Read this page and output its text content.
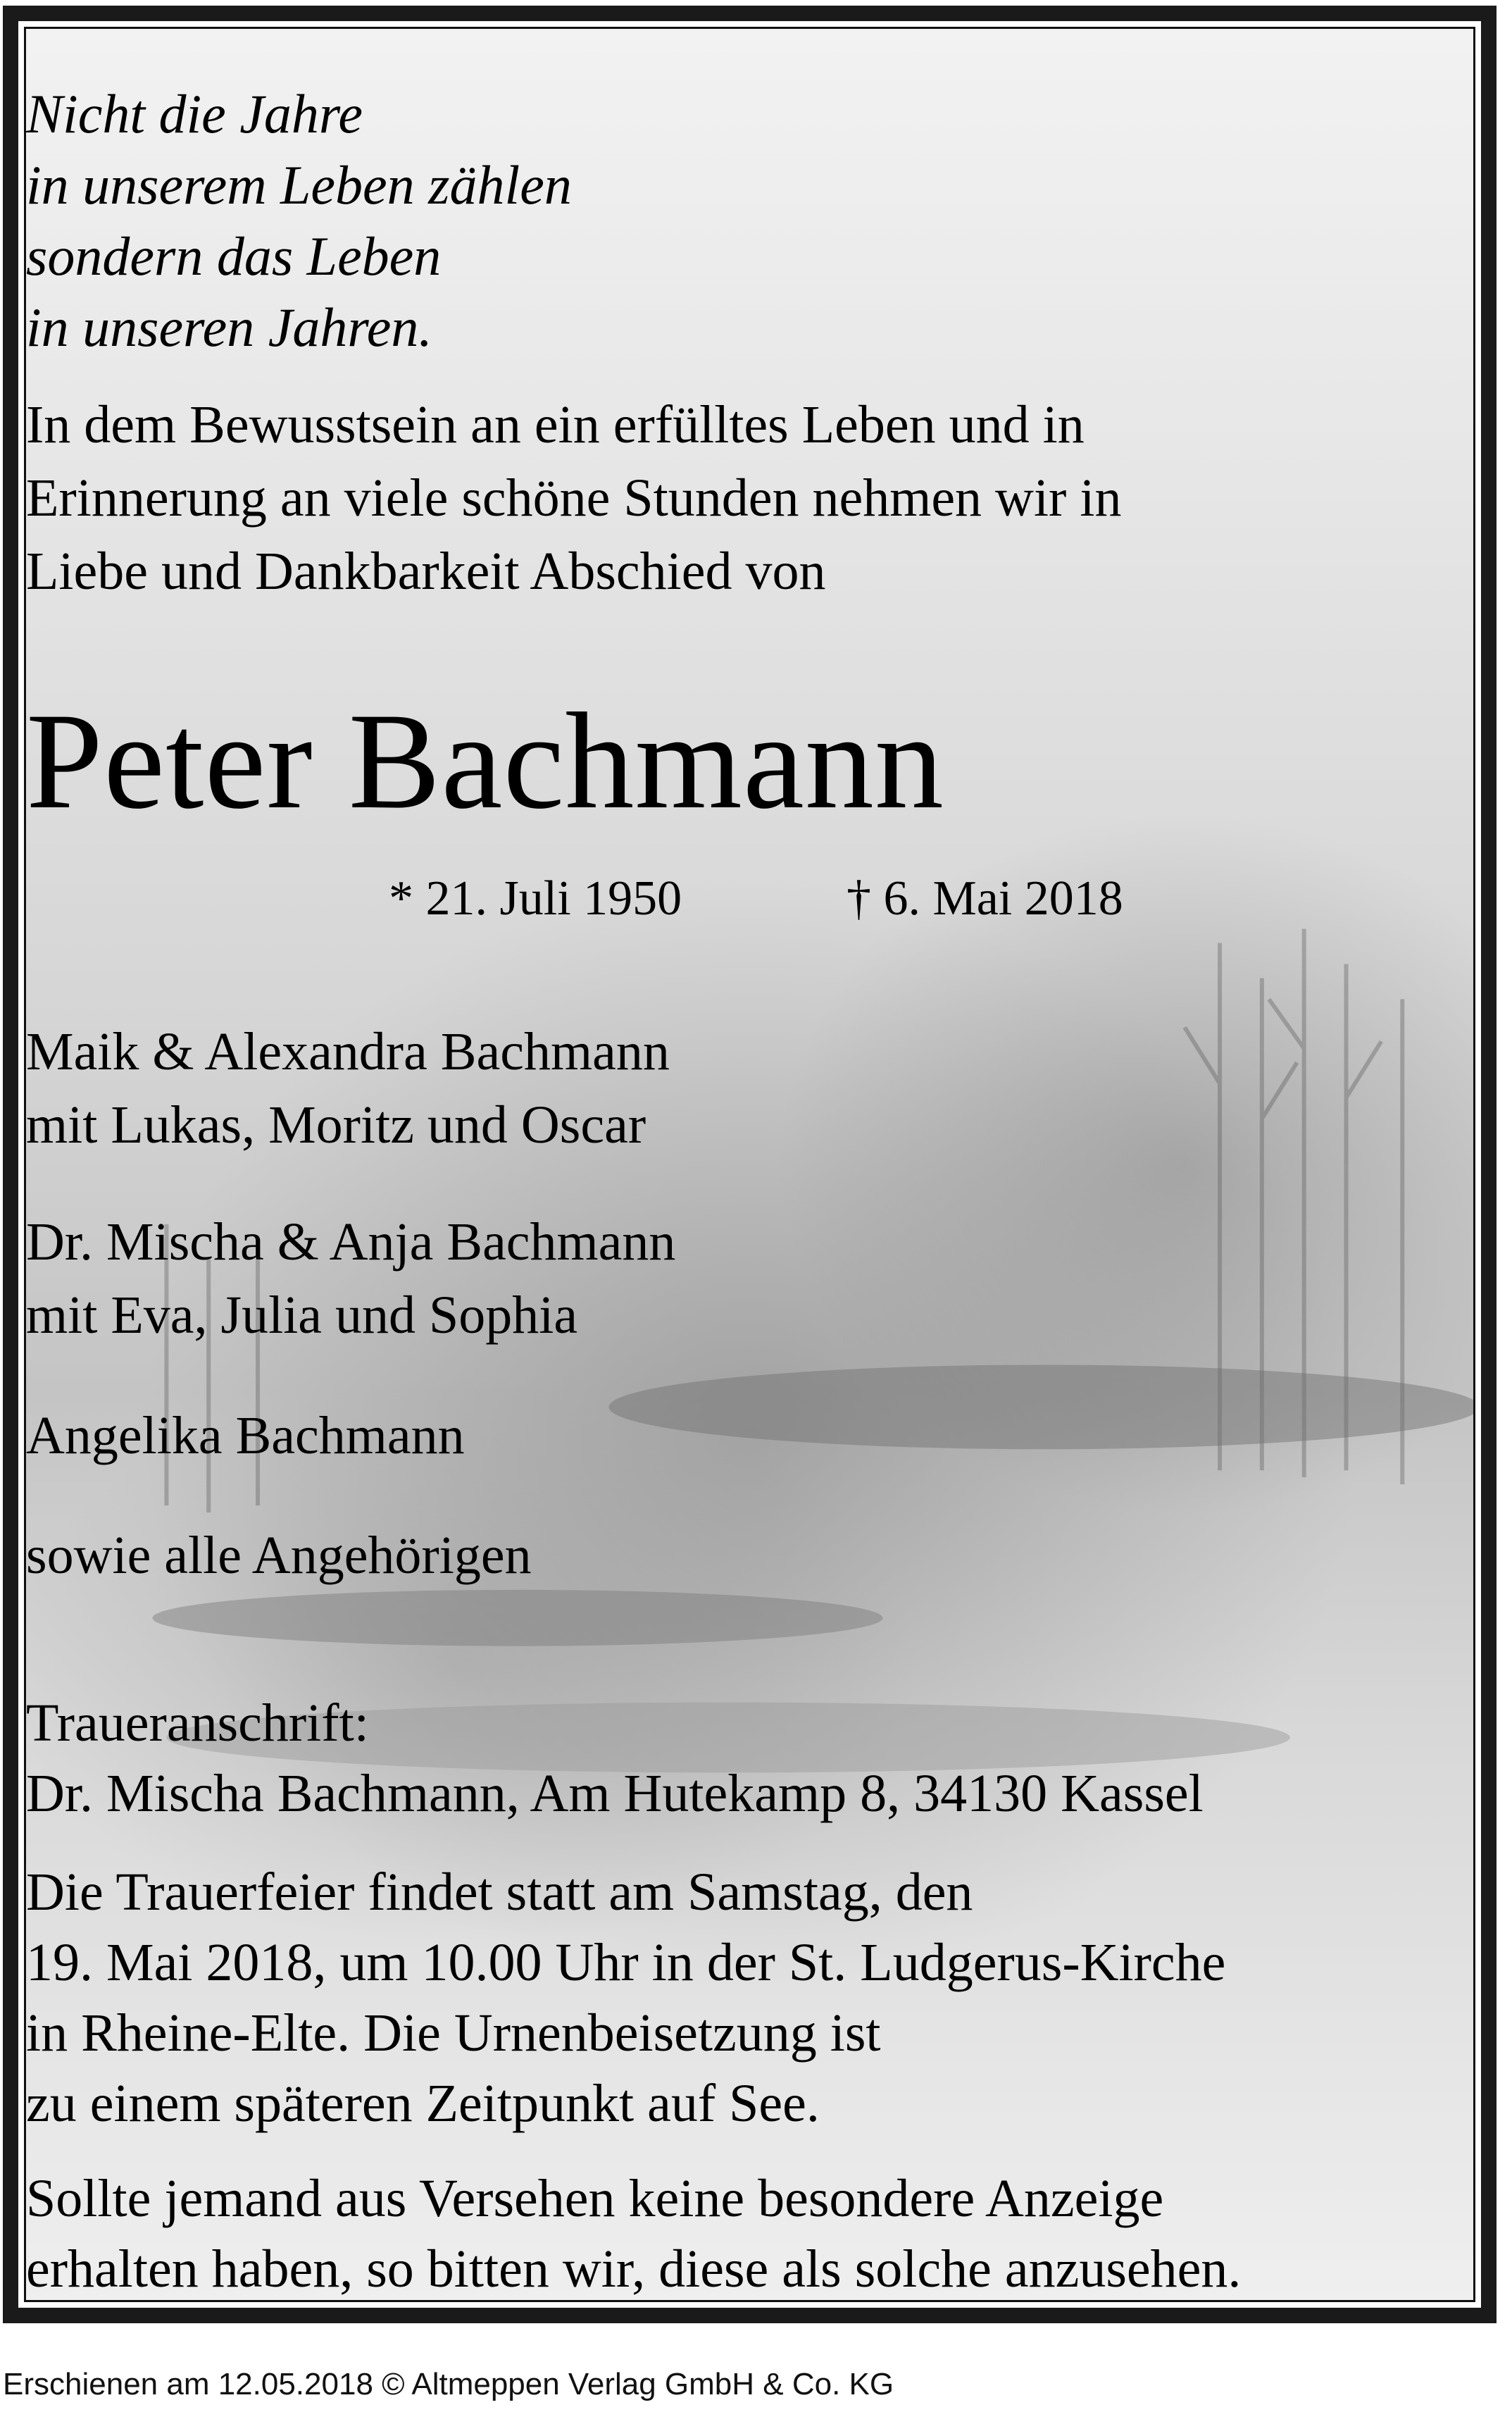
Nicht die Jahre
in unserem Leben zählen
sondern das Leben
in unseren Jahren.
In dem Bewusstsein an ein erfülltes Leben und in
Erinnerung an viele schöne Stunden nehmen wir in
Liebe und Dankbarkeit Abschied von
Peter Bachmann
* 21. Juli 1950	† 6. Mai 2018
Maik & Alexandra Bachmann
mit Lukas, Moritz und Oscar
Dr. Mischa & Anja Bachmann
mit Eva, Julia und Sophia
Angelika Bachmann
sowie alle Angehörigen
Traueranschrift:
Dr. Mischa Bachmann, Am Hutekamp 8, 34130 Kassel
Die Trauerfeier findet statt am Samstag, den
19. Mai 2018, um 10.00 Uhr in der St. Ludgerus-Kirche
in Rheine-Elte. Die Urnenbeisetzung ist
zu einem späteren Zeitpunkt auf See.
Sollte jemand aus Versehen keine besondere Anzeige
erhalten haben, so bitten wir, diese als solche anzusehen.
Erschienen am 12.05.2018 © Altmeppen Verlag GmbH & Co. KG
